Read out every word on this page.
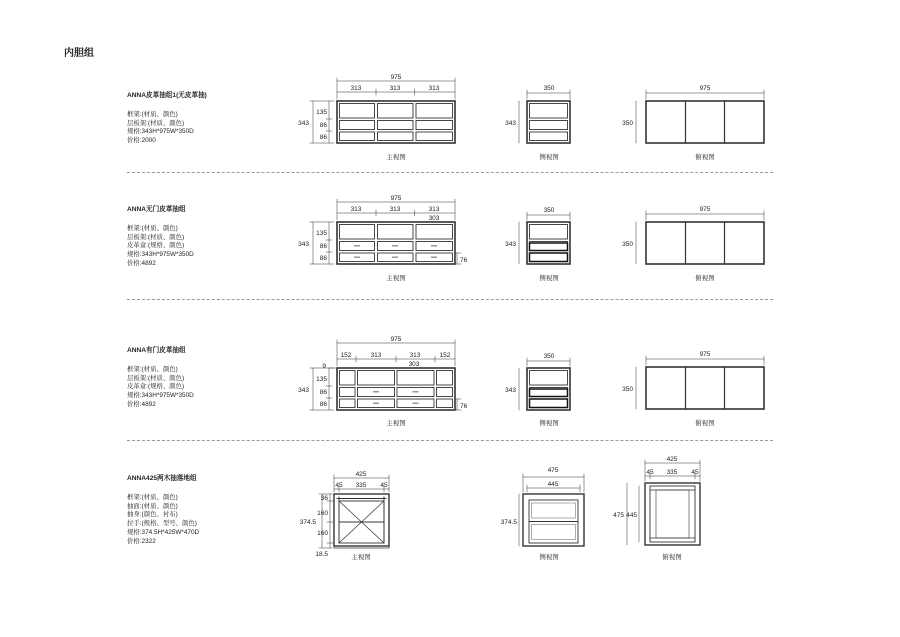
内胆组
ANNA皮革抽组1(无皮革抽)
框架:(材质、颜色)
层板架:(材质、颜色)
规格:343H*975W*350D
价格:2000
ANNA无门皮革抽组
框架:(材质、颜色)
层板架:(材质、颜色)
皮革盒:(规格、颜色)
规格:343H*975W*350D
价格:4892
ANNA有门皮革抽组
框架:(材质、颜色)
层板架:(材质、颜色)
皮革盒:(规格、颜色)
规格:343H*975W*350D
价格:4892
ANNA425两木抽落地组
框架:(材质、颜色)
抽面:(材质、颜色)
抽身:(颜色、衬布)
拉手:(规格、型号、颜色)
规格:374.5H*425W*470D
价格:2322
975
313	313	313
343
135
86
86
主视图
350
343
侧视图
975
350
俯视图
975
313	313	313
303
343
135
86
86	76
主视图
350
343
侧视图
975
350
俯视图
975
152	313	313	152
303
9
343
135
86
86	76
主视图
350
343
侧视图
975
350
俯视图
425
45 335 45
374.5
36
160
160
18.5	主视图
475
445
374.5
侧视图
425
45 335 45
475 445
俯视图
